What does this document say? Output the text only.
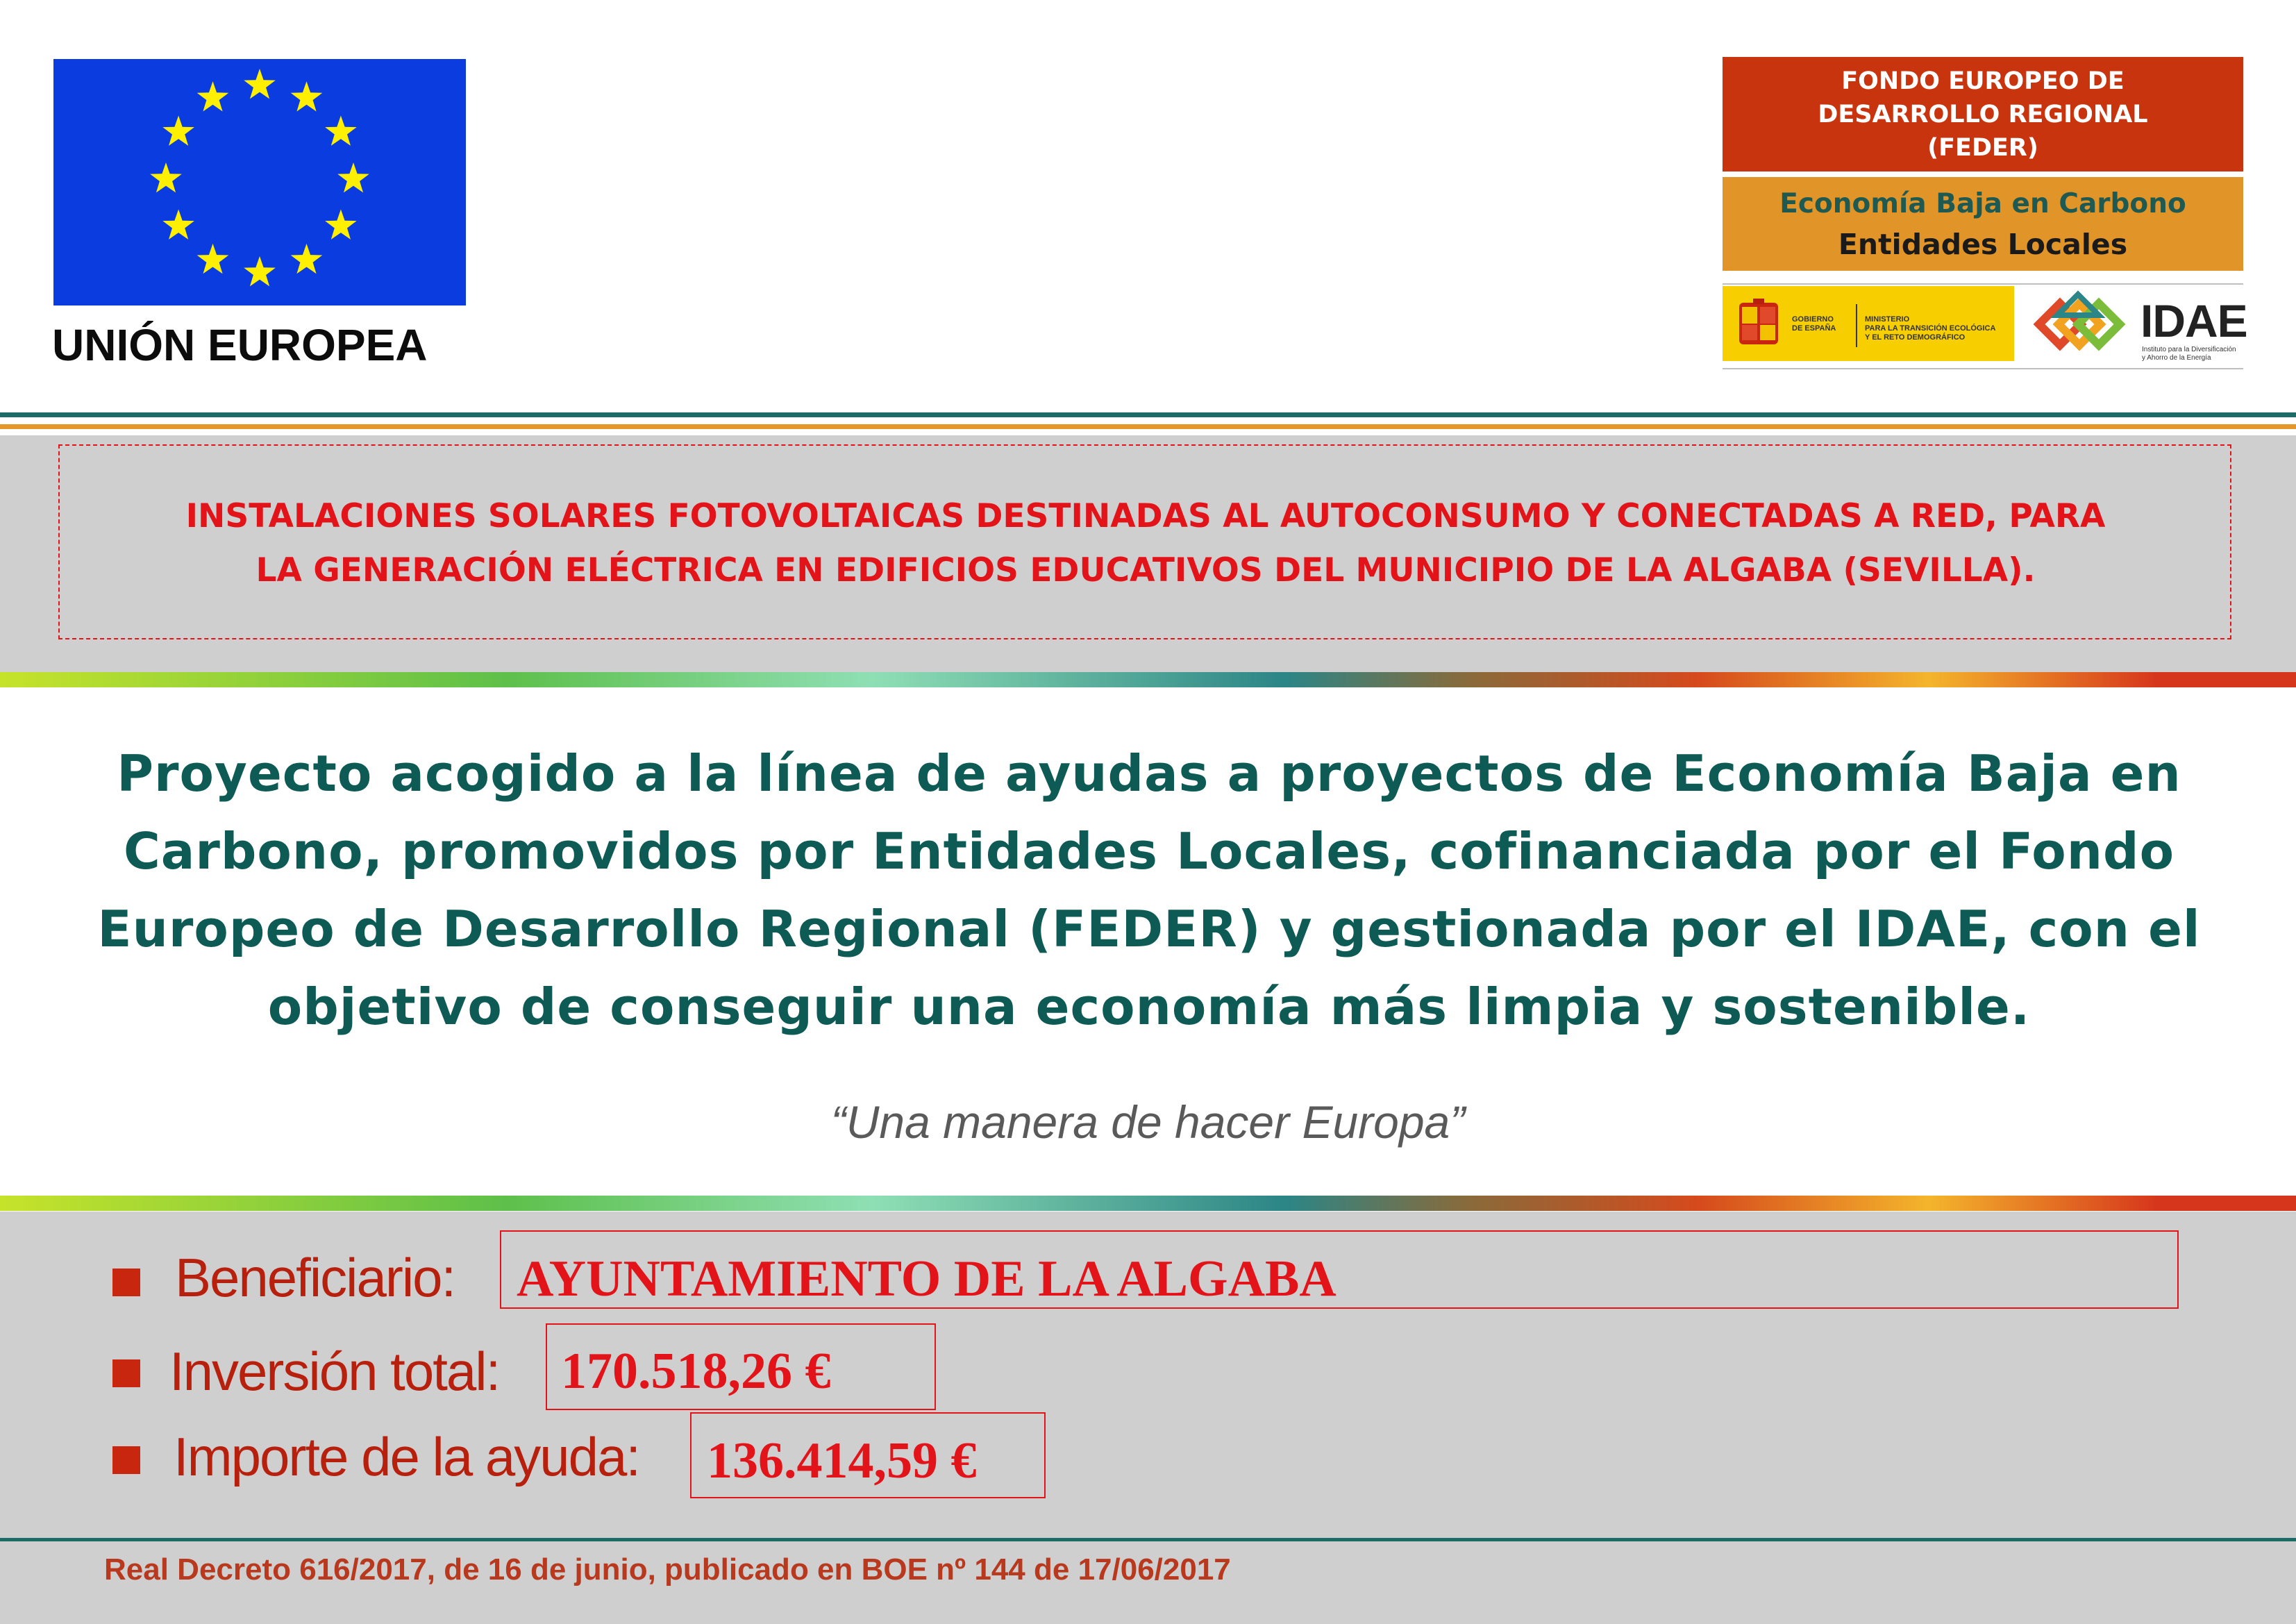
UNIÓN EUROPEA
FONDO EUROPEO DE
DESARROLLO REGIONAL
(FEDER)
Economía Baja en Carbono
Entidades Locales
GOBIERNO
DE ESPAÑA
MINISTERIO
PARA LA TRANSICIÓN ECOLÓGICA
Y EL RETO DEMOGRÁFICO	IDAE
Instituto para la Diversificación
y Ahorro de la Energía
INSTALACIONES SOLARES FOTOVOLTAICAS DESTINADAS AL AUTOCONSUMO Y CONECTADAS A RED, PARA
LA GENERACIÓN ELÉCTRICA EN EDIFICIOS EDUCATIVOS DEL MUNICIPIO DE LA ALGABA (SEVILLA).
Proyecto acogido a la línea de ayudas a proyectos de Economía Baja en
Carbono, promovidos por Entidades Locales, cofinanciada por el Fondo
Europeo de Desarrollo Regional (FEDER) y gestionada por el IDAE, con el
objetivo de conseguir una economía más limpia y sostenible.
“Una manera de hacer Europa”
Beneficiario: AYUNTAMIENTO DE LA ALGABA
Inversión total: 170.518,26 €
Importe de la ayuda: 136.414,59 €
Real Decreto 616/2017, de 16 de junio, publicado en BOE nº 144 de 17/06/2017
